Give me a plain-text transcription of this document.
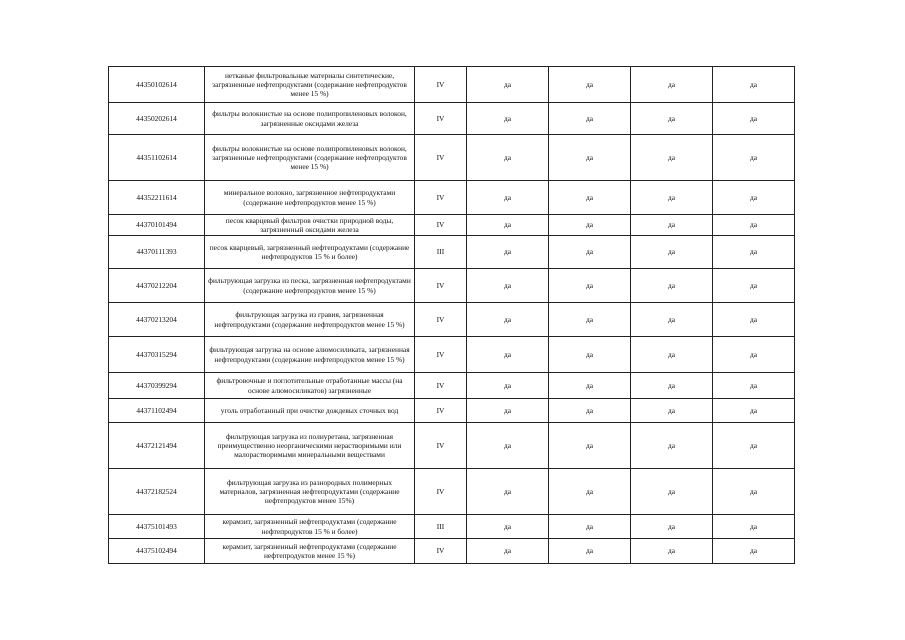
44350102614	нетканые фильтровальные материалы синтетические, загрязненные нефтепродуктами (содержание нефтепродуктов менее 15 %)	IV	да	да	да	да
44350202614	фильтры волокнистые на основе полипропиленовых волокон, загрязненные оксидами железа	IV	да	да	да	да
44351102614	фильтры волокнистые на основе полипропиленовых волокон, загрязненные нефтепродуктами (содержание нефтепродуктов менее 15 %)	IV	да	да	да	да
44352211614	минеральное волокно, загрязненное нефтепродуктами (содержание нефтепродуктов менее 15 %)	IV	да	да	да	да
44370101494	песок кварцевый фильтров очистки природной воды, загрязненный оксидами железа	IV	да	да	да	да
44370111393	песок кварцевый, загрязненный нефтепродуктами (содержание нефтепродуктов 15 % и более)	III	да	да	да	да
44370212204	фильтрующая загрузка из песка, загрязненная нефтепродуктами (содержание нефтепродуктов менее 15 %)	IV	да	да	да	да
44370213204	фильтрующая загрузка из гравия, загрязненная нефтепродуктами (содержание нефтепродуктов менее 15 %)	IV	да	да	да	да
44370315294	фильтрующая загрузка на основе алюмосиликата, загрязненная нефтепродуктами (содержание нефтепродуктов менее 15 %)	IV	да	да	да	да
44370399294	фильтровочные и поглотительные отработанные массы (на основе алюмосиликатов) загрязненные	IV	да	да	да	да
44371102494	уголь отработанный при очистке дождевых сточных вод	IV	да	да	да	да
44372121494	фильтрующая загрузка из полиуретана, загрязненная преимущественно неорганическими нерастворимыми или малорастворимыми минеральными веществами	IV	да	да	да	да
44372182524	фильтрующая загрузка из разнородных полимерных материалов, загрязненная нефтепродуктами (содержание нефтепродуктов менее 15%)	IV	да	да	да	да
44375101493	керамзит, загрязненный нефтепродуктами (содержание нефтепродуктов 15 % и более)	III	да	да	да	да
44375102494	керамзит, загрязненный нефтепродуктами (содержание нефтепродуктов менее 15 %)	IV	да	да	да	да
